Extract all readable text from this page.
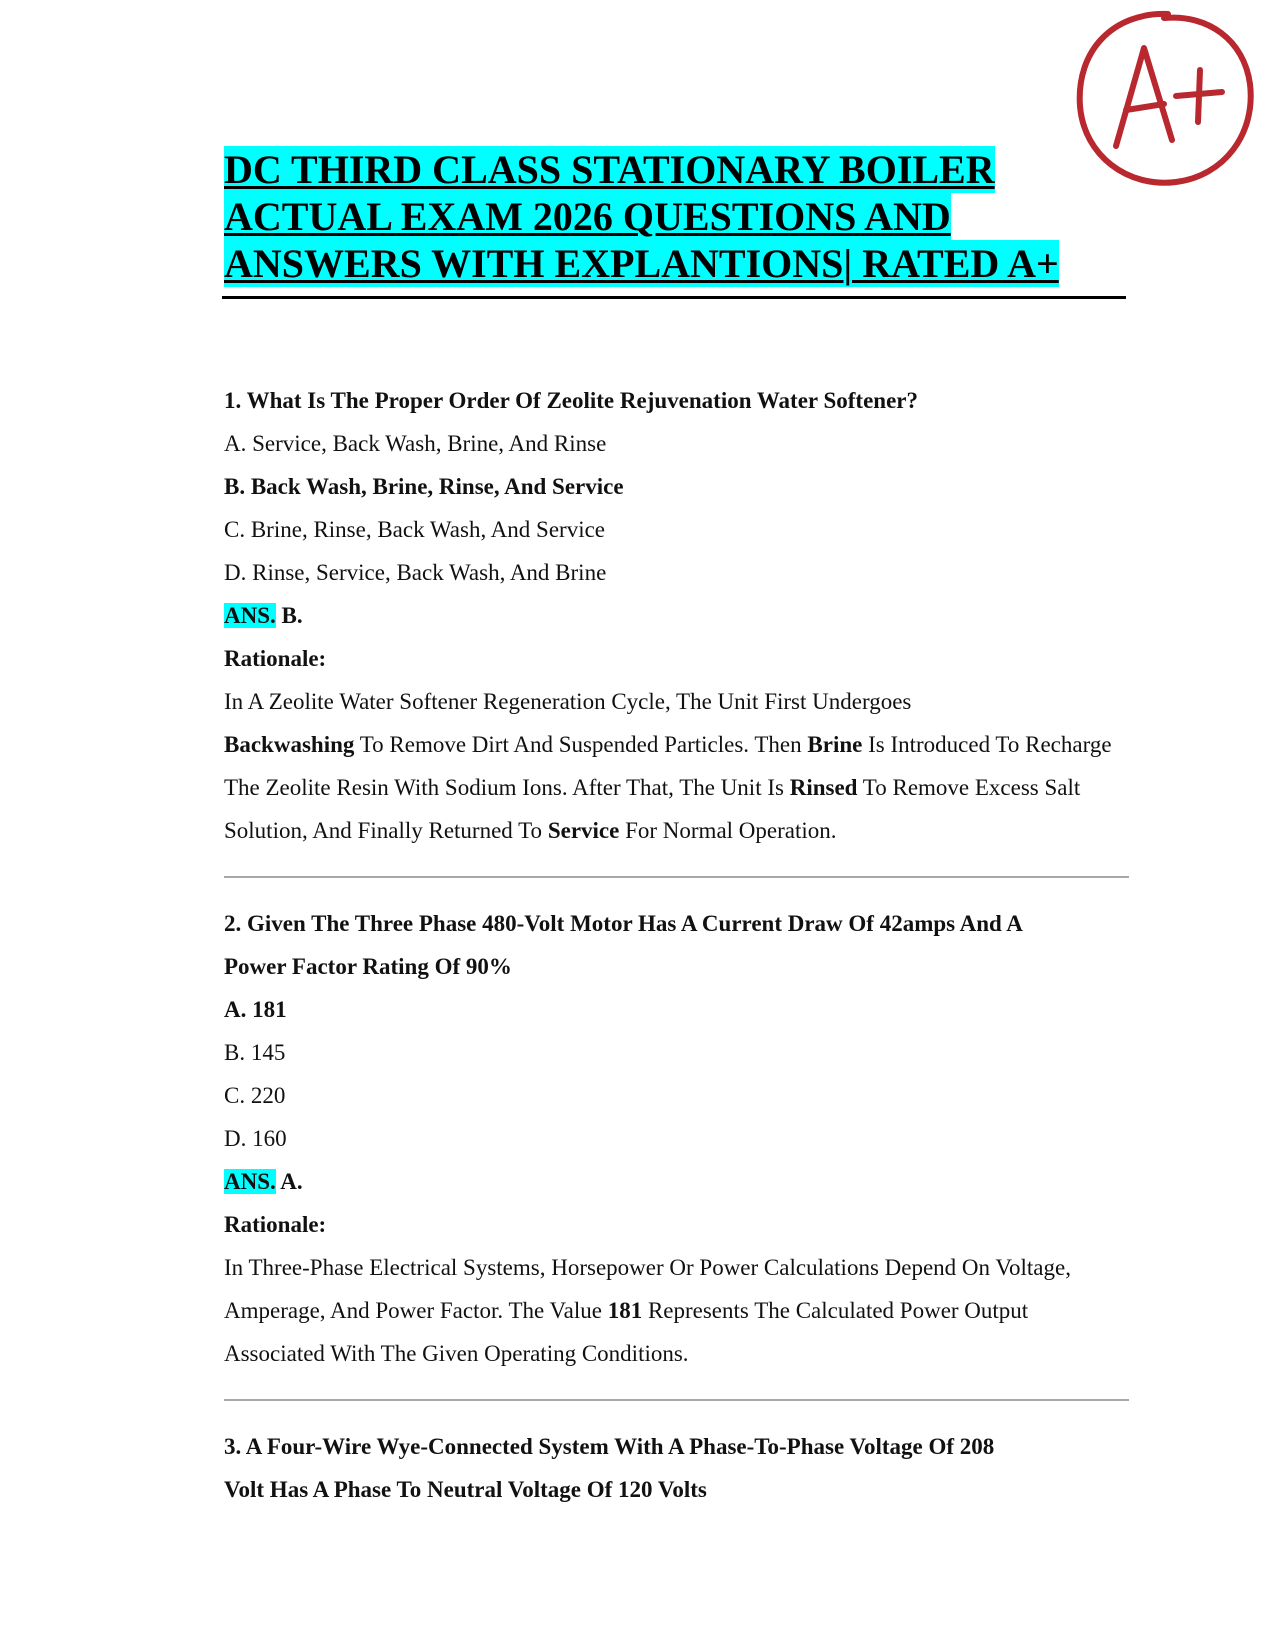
DC THIRD CLASS STATIONARY BOILER
ACTUAL EXAM 2026 QUESTIONS AND
ANSWERS WITH EXPLANTIONS| RATED A+
1. What Is The Proper Order Of Zeolite Rejuvenation Water Softener?
A. Service, Back Wash, Brine, And Rinse
B. Back Wash, Brine, Rinse, And Service
C. Brine, Rinse, Back Wash, And Service
D. Rinse, Service, Back Wash, And Brine
ANS. B.
Rationale:
In A Zeolite Water Softener Regeneration Cycle, The Unit First Undergoes
Backwashing To Remove Dirt And Suspended Particles. Then Brine Is Introduced To Recharge The Zeolite Resin With Sodium Ions. After That, The Unit Is Rinsed To Remove Excess Salt Solution, And Finally Returned To Service For Normal Operation.
2. Given The Three Phase 480-Volt Motor Has A Current Draw Of 42amps And A
Power Factor Rating Of 90%
A. 181
B. 145
C. 220
D. 160
ANS. A.
Rationale:
In Three-Phase Electrical Systems, Horsepower Or Power Calculations Depend On Voltage, Amperage, And Power Factor. The Value 181 Represents The Calculated Power Output Associated With The Given Operating Conditions.
3. A Four-Wire Wye-Connected System With A Phase-To-Phase Voltage Of 208
Volt Has A Phase To Neutral Voltage Of 120 Volts
